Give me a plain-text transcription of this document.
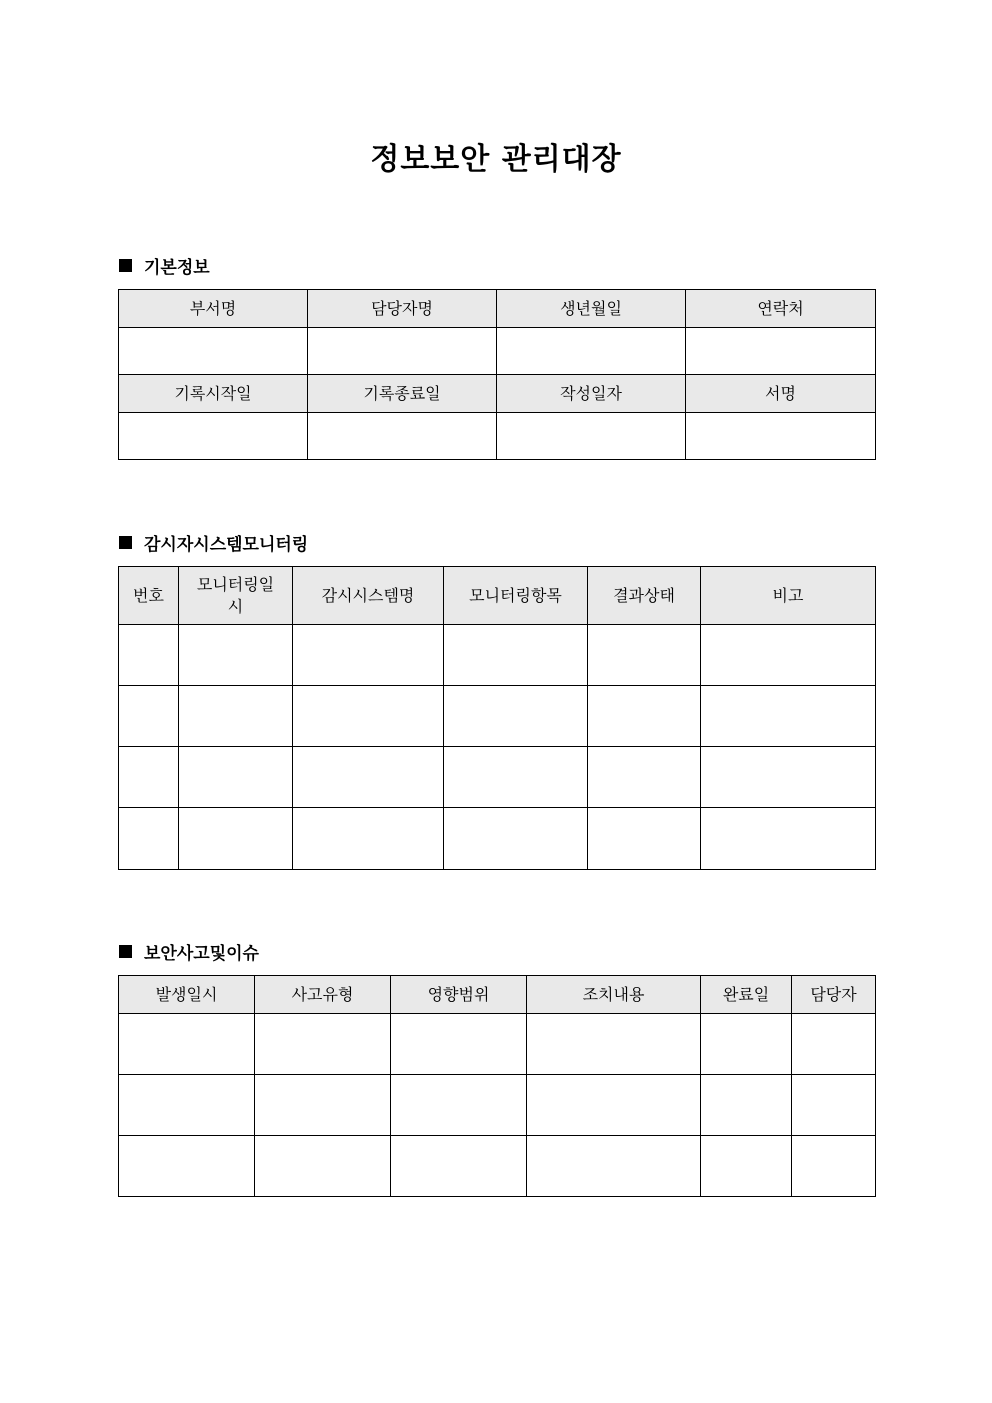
정보보안 관리대장
기본정보
부서명	담당자명	생년월일	연락처

기록시작일	기록종료일	작성일자	서명

감시자시스템모니터링
번호	모니터링일시	감시시스템명	모니터링항목	결과상태	비고

보안사고및이슈
발생일시	사고유형	영향범위	조치내용	완료일	담당자
